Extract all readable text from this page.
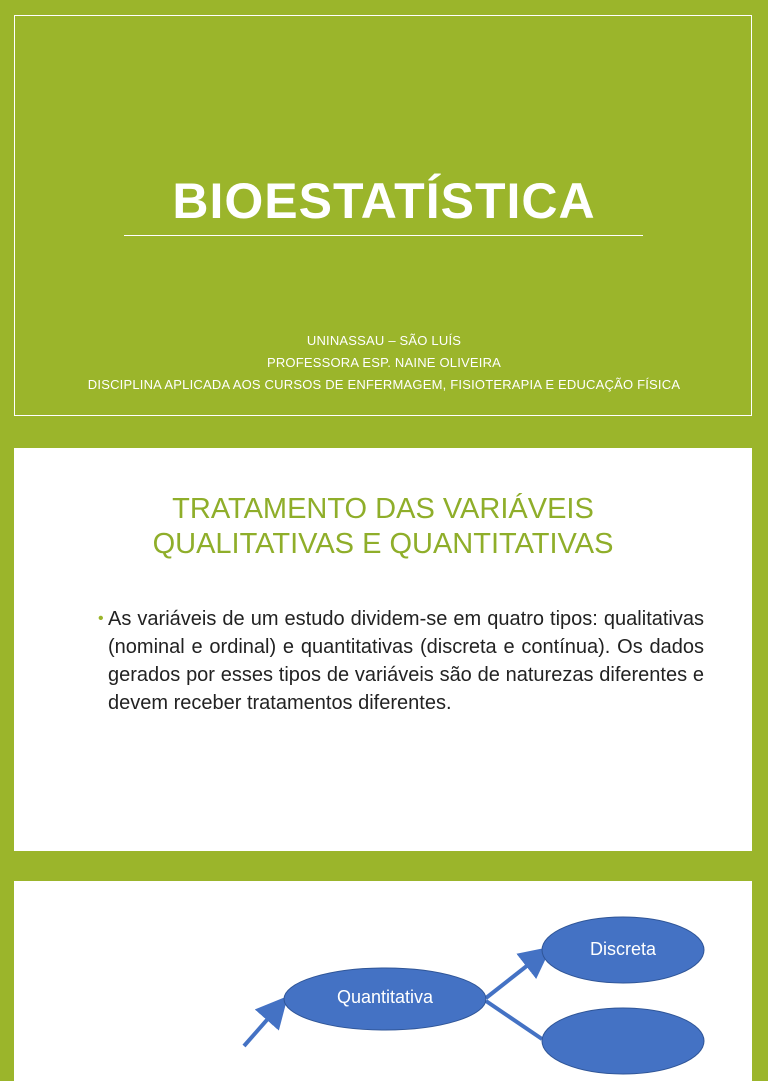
BIOESTATÍSTICA
UNINASSAU – SÃO LUÍS
PROFESSORA ESP. NAINE OLIVEIRA
DISCIPLINA APLICADA AOS CURSOS DE ENFERMAGEM, FISIOTERAPIA E EDUCAÇÃO FÍSICA
TRATAMENTO DAS VARIÁVEIS
QUALITATIVAS E QUANTITATIVAS
• As variáveis de um estudo dividem-se em quatro tipos: qualitativas (nominal e ordinal) e quantitativas (discreta e contínua). Os dados gerados por esses tipos de variáveis são de naturezas diferentes e devem receber tratamentos diferentes.
Quantitativa
Discreta
